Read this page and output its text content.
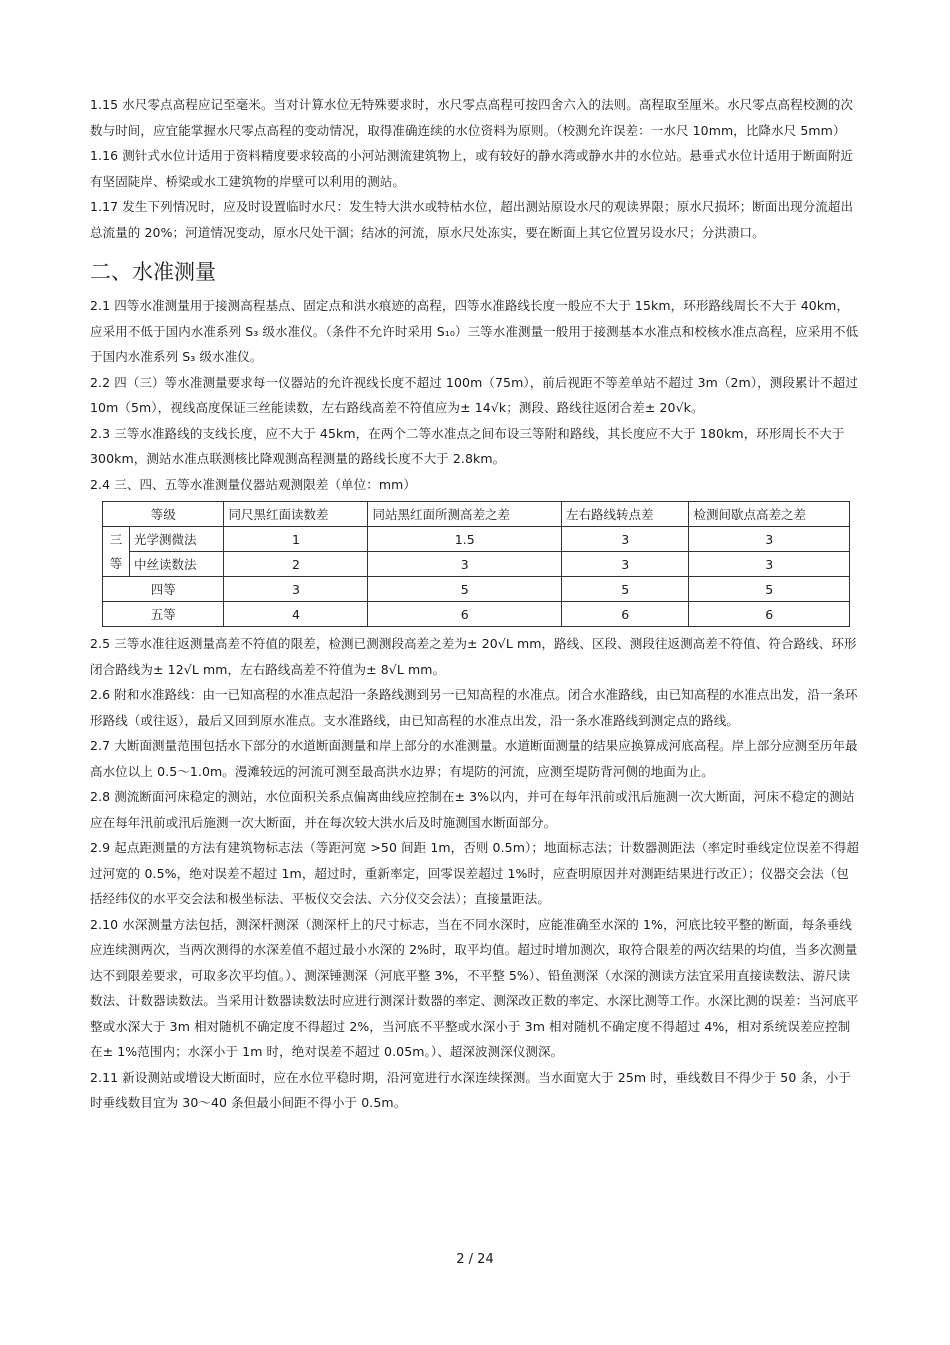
1.15 水尺零点高程应记至毫米。当对计算水位无特殊要求时，水尺零点高程可按四舍六入的法则。高程取至厘米。水尺零点高程校测的次数与时间，应宜能掌握水尺零点高程的变动情况，取得准确连续的水位资料为原则。（校测允许误差：一水尺 10mm，比降水尺 5mm）

1.16 测针式水位计适用于资料精度要求较高的小河站测流建筑物上，或有较好的静水湾或静水井的水位站。悬垂式水位计适用于断面附近有坚固陡岸、桥梁或水工建筑物的岸壁可以利用的测站。

1.17 发生下列情况时，应及时设置临时水尺：发生特大洪水或特枯水位，超出测站原设水尺的观读界限；原水尺损坏；断面出现分流超出总流量的 20%；河道情况变动，原水尺处干涸；结冰的河流，原水尺处冻实，要在断面上其它位置另设水尺；分洪溃口。

二、水准测量

2.1 四等水准测量用于接测高程基点、固定点和洪水痕迹的高程，四等水准路线长度一般应不大于 15km，环形路线周长不大于 40km，应采用不低于国内水准系列 S₃ 级水准仪。（条件不允许时采用 S₁₀）三等水准测量一般用于接测基本水准点和校核水准点高程，应采用不低于国内水准系列 S₃ 级水准仪。

2.2 四（三）等水准测量要求每一仪器站的允许视线长度不超过 100m（75m），前后视距不等差单站不超过 3m（2m），测段累计不超过 10m（5m），视线高度保证三丝能读数，左右路线高差不符值应为± 14√k；测段、路线往返闭合差± 20√k。

2.3 三等水准路线的支线长度，应不大于 45km，在两个二等水准点之间布设三等附和路线，其长度应不大于 180km，环形周长不大于 300km，测站水准点联测核比降观测高程测量的路线长度不大于 2.8km。

2.4 三、四、五等水准测量仪器站观测限差（单位：mm）

等级		同尺黑红面读数差	同站黑红面所测高差之差	左右路线转点差	检测间歇点高差之差
三等	光学测微法	1	1.5	3	3
	中丝读数法	2	3	3	3
四等		3	5	5	5
五等		4	6	6	6

2.5 三等水准往返测量高差不符值的限差，检测已测测段高差之差为± 20√L mm，路线、区段、测段往返测高差不符值、符合路线、环形闭合路线为± 12√L mm，左右路线高差不符值为± 8√L mm。

2.6 附和水准路线：由一已知高程的水准点起沿一条路线测到另一已知高程的水准点。闭合水准路线，由已知高程的水准点出发，沿一条环形路线（或往返），最后又回到原水准点。支水准路线，由已知高程的水准点出发，沿一条水准路线到测定点的路线。

2.7 大断面测量范围包括水下部分的水道断面测量和岸上部分的水准测量。水道断面测量的结果应换算成河底高程。岸上部分应测至历年最高水位以上 0.5～1.0m。漫滩较远的河流可测至最高洪水边界；有堤防的河流，应测至堤防背河侧的地面为止。

2.8 测流断面河床稳定的测站，水位面积关系点偏离曲线应控制在± 3%以内，并可在每年汛前或汛后施测一次大断面，河床不稳定的测站应在每年汛前或汛后施测一次大断面，并在每次较大洪水后及时施测国水断面部分。

2.9 起点距测量的方法有建筑物标志法（等距河宽 >50 间距 1m，否则 0.5m）；地面标志法；计数器测距法（率定时垂线定位误差不得超过河宽的 0.5%，绝对误差不超过 1m，超过时，重新率定，回零误差超过 1%时，应查明原因并对测距结果进行改正）；仪器交会法（包括经纬仪的水平交会法和极坐标法、平板仪交会法、六分仪交会法）；直接量距法。

2.10 水深测量方法包括，测深杆测深（测深杆上的尺寸标志，当在不同水深时，应能准确至水深的 1%，河底比较平整的断面，每条垂线应连续测两次，当两次测得的水深差值不超过最小水深的 2%时，取平均值。超过时增加测次，取符合限差的两次结果的均值，当多次测量达不到限差要求，可取多次平均值。）、测深锤测深（河底平整 3%，不平整 5%）、铅鱼测深（水深的测读方法宜采用直接读数法、游尺读数法、计数器读数法。当采用计数器读数法时应进行测深计数器的率定、测深改正数的率定、水深比测等工作。水深比测的误差：当河底平整或水深大于 3m 相对随机不确定度不得超过 2%，当河底不平整或水深小于 3m 相对随机不确定度不得超过 4%，相对系统误差应控制在± 1%范围内；水深小于 1m 时，绝对误差不超过 0.05m。）、超深波测深仪测深。

2.11 新设测站或增设大断面时，应在水位平稳时期，沿河宽进行水深连续探测。当水面宽大于 25m 时，垂线数目不得少于 50 条，小于时垂线数目宜为 30～40 条但最小间距不得小于 0.5m。

2 / 24
